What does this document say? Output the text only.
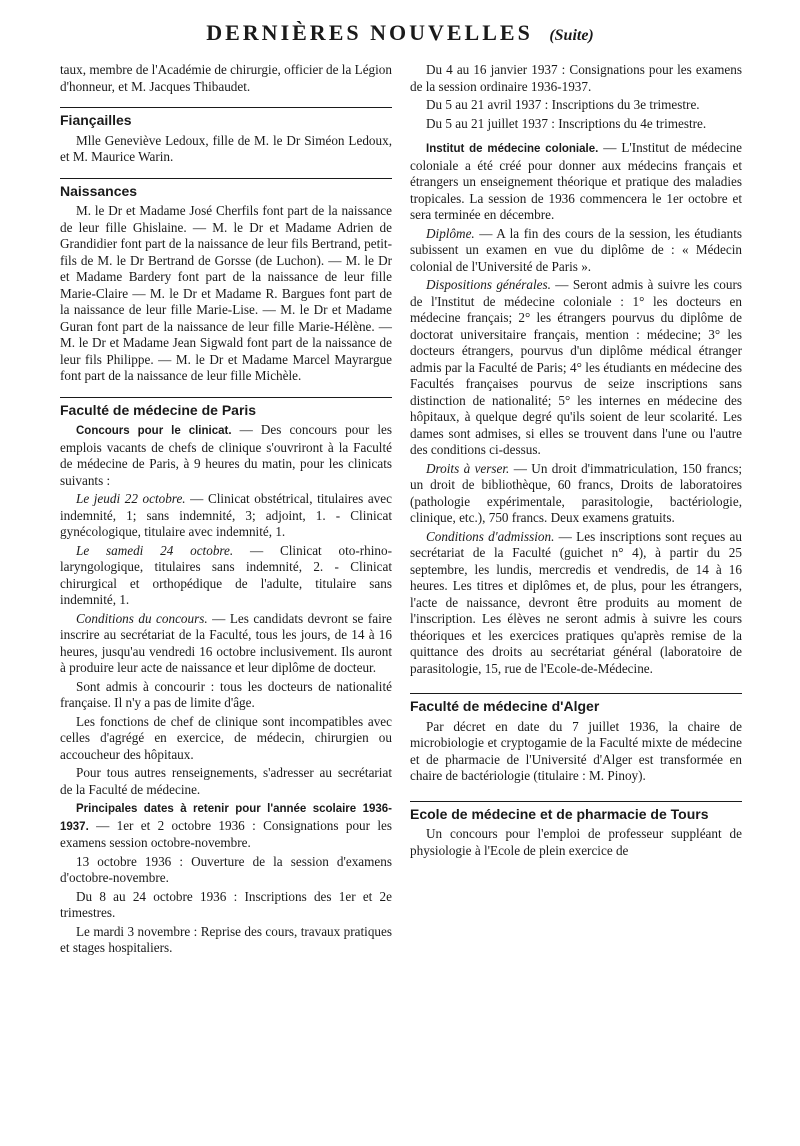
DERNIÈRES NOUVELLES (Suite)

taux, membre de l'Académie de chirurgie, officier de la Légion d'honneur, et M. Jacques Thibaudet.

Fiançailles

Mlle Geneviève Ledoux, fille de M. le Dr Siméon Ledoux, et M. Maurice Warin.

Naissances

M. le Dr et Madame José Cherfils font part de la naissance de leur fille Ghislaine. — M. le Dr et Madame Adrien de Grandidier font part de la naissance de leur fils Bertrand, petit-fils de M. le Dr Bertrand de Gorsse (de Luchon). — M. le Dr et Madame Bardery font part de la naissance de leur fille Marie-Claire — M. le Dr et Madame R. Bargues font part de la naissance de leur fille Marie-Lise. — M. le Dr et Madame Guran font part de la naissance de leur fille Marie-Hélène. — M. le Dr et Madame Jean Sigwald font part de la naissance de leur fils Philippe. — M. le Dr et Madame Marcel Mayrargue font part de la naissance de leur fille Michèle.

Faculté de médecine de Paris

Concours pour le clinicat. — Des concours pour les emplois vacants de chefs de clinique s'ouvriront à la Faculté de médecine de Paris, à 9 heures du matin, pour les clinicats suivants :

Le jeudi 22 octobre. — Clinicat obstétrical, titulaires avec indemnité, 1; sans indemnité, 3; adjoint, 1. - Clinicat gynécologique, titulaire avec indemnité, 1.

Le samedi 24 octobre. — Clinicat oto-rhino-laryngologique, titulaires sans indemnité, 2. - Clinicat chirurgical et orthopédique de l'adulte, titulaire sans indemnité, 1.

Conditions du concours. — Les candidats devront se faire inscrire au secrétariat de la Faculté, tous les jours, de 14 à 16 heures, jusqu'au vendredi 16 octobre inclusivement. Ils auront à produire leur acte de naissance et leur diplôme de docteur.

Sont admis à concourir : tous les docteurs de nationalité française. Il n'y a pas de limite d'âge.

Les fonctions de chef de clinique sont incompatibles avec celles d'agrégé en exercice, de médecin, chirurgien ou accoucheur des hôpitaux.

Pour tous autres renseignements, s'adresser au secrétariat de la Faculté de médecine.

Principales dates à retenir pour l'année scolaire 1936-1937. — 1er et 2 octobre 1936 : Consignations pour les examens session octobre-novembre.

13 octobre 1936 : Ouverture de la session d'examens d'octobre-novembre.

Du 8 au 24 octobre 1936 : Inscriptions des 1er et 2e trimestres.

Le mardi 3 novembre : Reprise des cours, travaux pratiques et stages hospitaliers.

Du 4 au 16 janvier 1937 : Consignations pour les examens de la session ordinaire 1936-1937.

Du 5 au 21 avril 1937 : Inscriptions du 3e trimestre.

Du 5 au 21 juillet 1937 : Inscriptions du 4e trimestre.

Institut de médecine coloniale. — L'Institut de médecine coloniale a été créé pour donner aux médecins français et étrangers un enseignement théorique et pratique des maladies tropicales. La session de 1936 commencera le 1er octobre et sera terminée en décembre.

Diplôme. — A la fin des cours de la session, les étudiants subissent un examen en vue du diplôme de : « Médecin colonial de l'Université de Paris ».

Dispositions générales. — Seront admis à suivre les cours de l'Institut de médecine coloniale : 1° les docteurs en médecine français; 2° les étrangers pourvus du diplôme de doctorat universitaire français, mention : médecine; 3° les docteurs étrangers, pourvus d'un diplôme médical étranger admis par la Faculté de Paris; 4° les étudiants en médecine des Facultés françaises pourvus de seize inscriptions sans distinction de nationalité; 5° les internes en médecine des hôpitaux, à quelque degré qu'ils soient de leur scolarité. Les dames sont admises, si elles se trouvent dans l'une ou l'autre des conditions ci-dessus.

Droits à verser. — Un droit d'immatriculation, 150 francs; un droit de bibliothèque, 60 francs, Droits de laboratoires (pathologie expérimentale, parasitologie, bactériologie, clinique, etc.), 750 francs. Deux examens gratuits.

Conditions d'admission. — Les inscriptions sont reçues au secrétariat de la Faculté (guichet n° 4), à partir du 25 septembre, les lundis, mercredis et vendredis, de 14 à 16 heures. Les titres et diplômes et, de plus, pour les étrangers, l'acte de naissance, devront être produits au moment de l'inscription. Les élèves ne seront admis à suivre les cours théoriques et les exercices pratiques qu'après remise de la quittance des droits au secrétariat général (laboratoire de parasitologie, 15, rue de l'Ecole-de-Médecine.

Faculté de médecine d'Alger

Par décret en date du 7 juillet 1936, la chaire de microbiologie et cryptogamie de la Faculté mixte de médecine et de pharmacie de l'Université d'Alger est transformée en chaire de bactériologie (titulaire : M. Pinoy).

Ecole de médecine et de pharmacie de Tours

Un concours pour l'emploi de professeur suppléant de physiologie à l'Ecole de plein exercice de
